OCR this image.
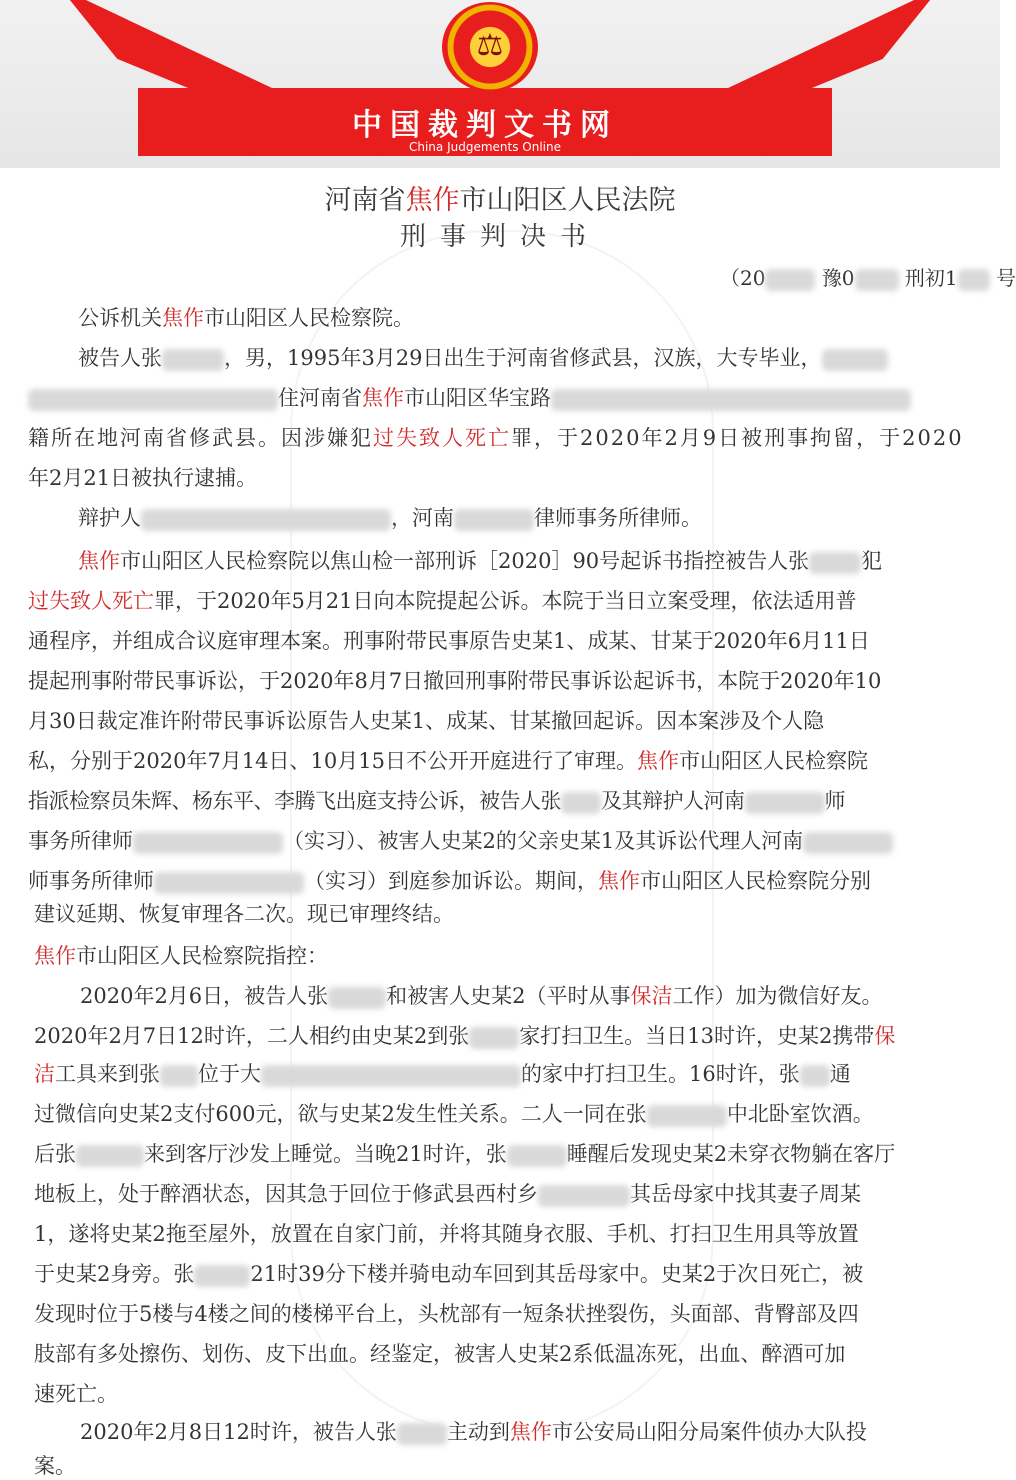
⚖
中国裁判文书网
China Judgements Online
河南省焦作市山阳区人民法院
刑事判决书
（20	豫0	刑初1 号
公诉机关焦作市山阳区人民检察院。
被告人张	，男，1995年3月29日出生于河南省修武县，汉族，大专毕业，
住河南省焦作市山阳区华宝路
籍所在地河南省修武县。因涉嫌犯过失致人死亡罪，于2020年2月9日被刑事拘留，于2020
年2月21日被执行逮捕。
辩护人	，河南	律师事务所律师。
焦作市山阳区人民检察院以焦山检一部刑诉［2020］90号起诉书指控被告人张 犯
过失致人死亡罪，于2020年5月21日向本院提起公诉。本院于当日立案受理，依法适用普
通程序，并组成合议庭审理本案。刑事附带民事原告史某1、成某、甘某于2020年6月11日
提起刑事附带民事诉讼，于2020年8月7日撤回刑事附带民事诉讼起诉书，本院于2020年10
月30日裁定准许附带民事诉讼原告人史某1、成某、甘某撤回起诉。因本案涉及个人隐
私，分别于2020年7月14日、10月15日不公开开庭进行了审理。焦作市山阳区人民检察院
指派检察员朱辉、杨东平、李腾飞出庭支持公诉，被告人张 及其辩护人河南	师
事务所律师	（实习）、被害人史某2的父亲史某1及其诉讼代理人河南
师事务所律师	（实习）到庭参加诉讼。期间，焦作市山阳区人民检察院分别
建议延期、恢复审理各二次。现已审理终结。
焦作市山阳区人民检察院指控：
2020年2月6日，被告人张	和被害人史某2（平时从事保洁工作）加为微信好友。
2020年2月7日12时许，二人相约由史某2到张 家打扫卫生。当日13时许，史某2携带保
洁工具来到张 位于大	的家中打扫卫生。16时许，张 通
过微信向史某2支付600元，欲与史某2发生性关系。二人一同在张	中北卧室饮酒。
后张	来到客厅沙发上睡觉。当晚21时许，张	睡醒后发现史某2未穿衣物躺在客厅
地板上，处于醉酒状态，因其急于回位于修武县西村乡	其岳母家中找其妻子周某
1，遂将史某2拖至屋外，放置在自家门前，并将其随身衣服、手机、打扫卫生用具等放置
于史某2身旁。张	21时39分下楼并骑电动车回到其岳母家中。史某2于次日死亡，被
发现时位于5楼与4楼之间的楼梯平台上，头枕部有一短条状挫裂伤，头面部、背臀部及四
肢部有多处擦伤、划伤、皮下出血。经鉴定，被害人史某2系低温冻死，出血、醉酒可加
速死亡。
2020年2月8日12时许，被告人张 主动到焦作市公安局山阳分局案件侦办大队投
案。
